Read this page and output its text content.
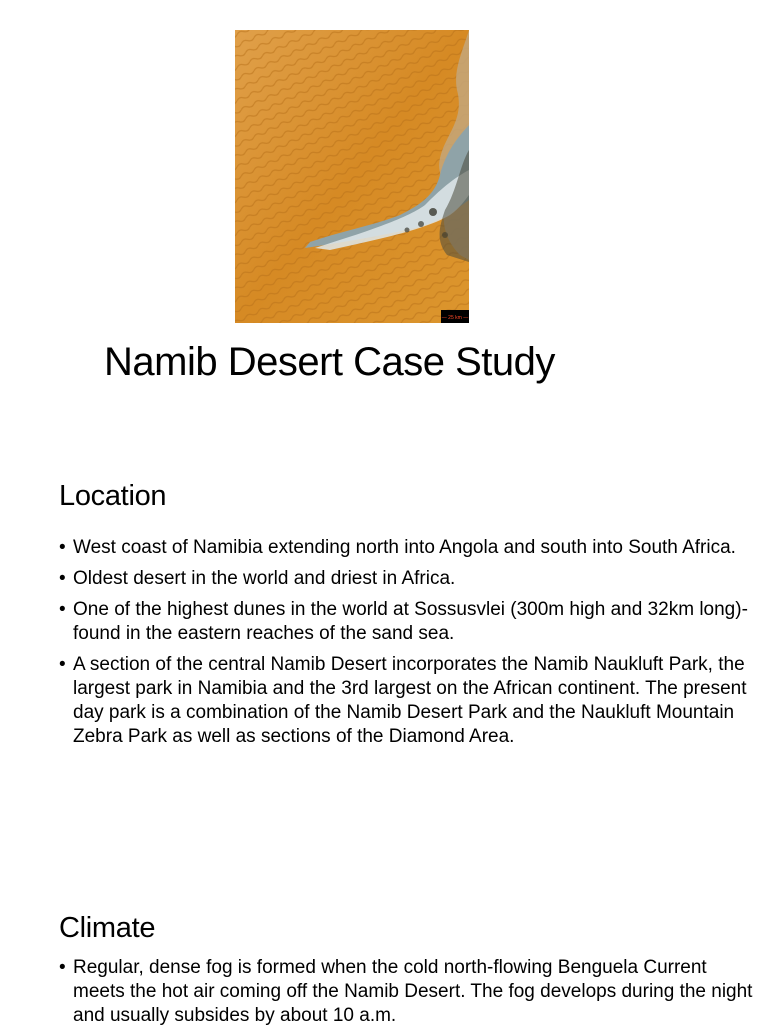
— 25 km —
Namib Desert Case Study
Location
• West coast of Namibia extending north into Angola and south into South Africa.
• Oldest desert in the world and driest in Africa.
• One of the highest dunes in the world at Sossusvlei (300m high and 32km long)- found in the eastern reaches of the sand sea.
• A section of the central Namib Desert incorporates the Namib Naukluft Park, the largest park in Namibia and the 3rd largest on the African continent. The present day park is a combination of the Namib Desert Park and the Naukluft Mountain Zebra Park as well as sections of the Diamond Area.
Climate
• Regular, dense fog is formed when the cold north-flowing Benguela Current meets the hot air coming off the Namib Desert. The fog develops during the night and usually subsides by about 10 a.m.
